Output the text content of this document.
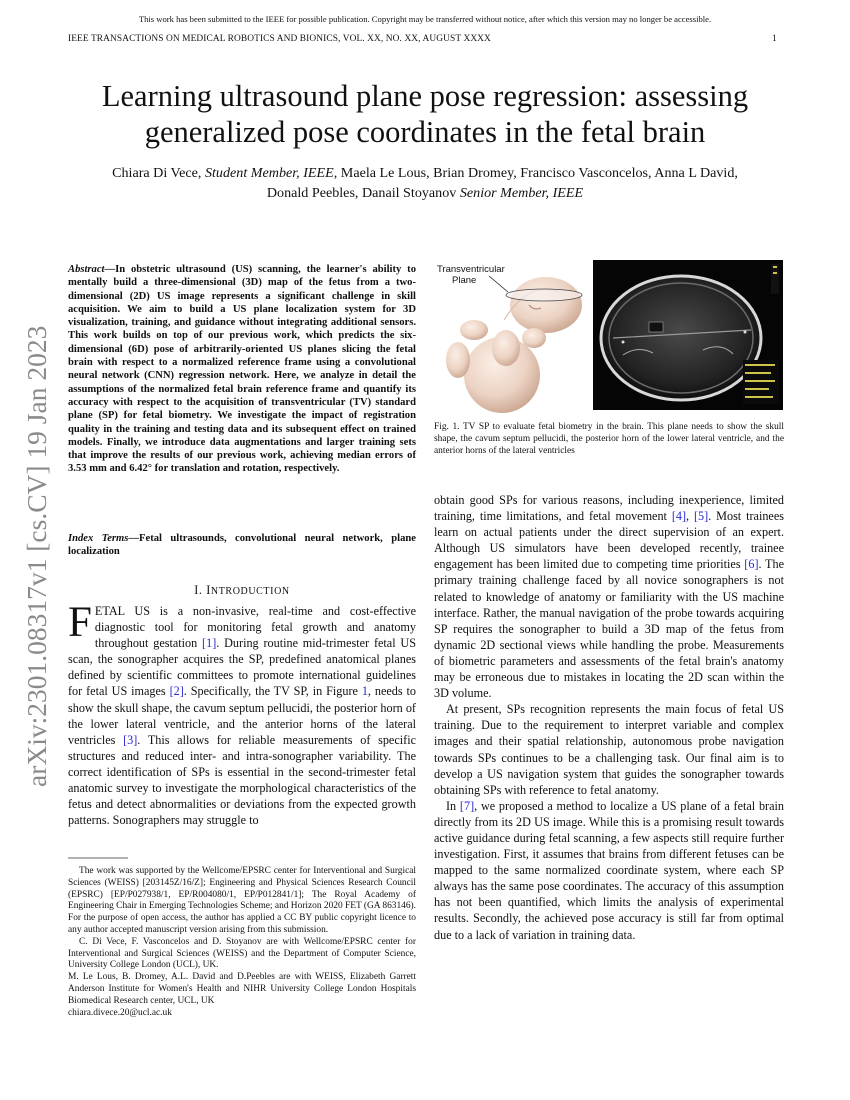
This work has been submitted to the IEEE for possible publication. Copyright may be transferred without notice, after which this version may no longer be accessible.
IEEE TRANSACTIONS ON MEDICAL ROBOTICS AND BIONICS, VOL. XX, NO. XX, AUGUST XXXX	1
Learning ultrasound plane pose regression: assessing
generalized pose coordinates in the fetal brain
Chiara Di Vece, Student Member, IEEE, Maela Le Lous, Brian Dromey, Francisco Vasconcelos, Anna L David,
Donald Peebles, Danail Stoyanov Senior Member, IEEE
arXiv:2301.08317v1 [cs.CV] 19 Jan 2023
Abstract—In obstetric ultrasound (US) scanning, the learner's ability to mentally build a three-dimensional (3D) map of the fetus from a two-dimensional (2D) US image represents a significant challenge in skill acquisition. We aim to build a US plane localization system for 3D visualization, training, and guidance without integrating additional sensors. This work builds on top of our previous work, which predicts the six-dimensional (6D) pose of arbitrarily-oriented US planes slicing the fetal brain with respect to a normalized reference frame using a convolutional neural network (CNN) regression network. Here, we analyze in detail the assumptions of the normalized fetal brain reference frame and quantify its accuracy with respect to the acquisition of transventricular (TV) standard plane (SP) for fetal biometry. We investigate the impact of registration quality in the training and testing data and its subsequent effect on trained models. Finally, we introduce data augmentations and larger training sets that improve the results of our previous work, achieving median errors of 3.53 mm and 6.42° for translation and rotation, respectively.
Index Terms—Fetal ultrasounds, convolutional neural network, plane localization
I. INTRODUCTION
FETAL US is a non-invasive, real-time and cost-effective diagnostic tool for monitoring fetal growth and anatomy throughout gestation [1]. During routine mid-trimester fetal US scan, the sonographer acquires the SP, predefined anatomical planes defined by scientific committees to promote international guidelines for fetal US images [2]. Specifically, the TV SP, in Figure 1, needs to show the skull shape, the cavum septum pellucidi, the posterior horn of the lower lateral ventricle, and the anterior horns of the lateral ventricles [3]. This allows for reliable measurements of specific structures and reduced inter- and intra-sonographer variability. The correct identification of SPs is essential in the second-trimester fetal anatomic survey to investigate the morphological characteristics of the fetus and detect abnormalities or deviations from the expected growth patterns. Sonographers may struggle to

The work was supported by the Wellcome/EPSRC center for Interventional and Surgical Sciences (WEISS) [203145Z/16/Z]; Engineering and Physical Sciences Research Council (EPSRC) [EP/P027938/1, EP/R004080/1, EP/P012841/1]; The Royal Academy of Engineering Chair in Emerging Technologies Scheme; and Horizon 2020 FET (GA 863146). For the purpose of open access, the author has applied a CC BY public copyright licence to any author accepted manuscript version arising from this submission.

C. Di Vece, F. Vasconcelos and D. Stoyanov are with Wellcome/EPSRC center for Interventional and Surgical Sciences (WEISS) and the Department of Computer Science, University College London (UCL), UK.

M. Le Lous, B. Dromey, A.L. David and D.Peebles are with WEISS, Elizabeth Garrett Anderson Institute for Women's Health and NIHR University College London Hospitals Biomedical Research center, UCL, UK

chiara.divece.20@ucl.ac.uk

Transventricular
Plane
Fig. 1. TV SP to evaluate fetal biometry in the brain. This plane needs to show the skull shape, the cavum septum pellucidi, the posterior horn of the lower lateral ventricle, and the anterior horns of the lateral ventricles

obtain good SPs for various reasons, including inexperience, limited training, time limitations, and fetal movement [4], [5]. Most trainees learn on actual patients under the direct supervision of an expert. Although US simulators have been developed recently, trainee engagement has been limited due to competing time priorities [6]. The primary training challenge faced by all novice sonographers is not related to knowledge of anatomy or familiarity with the US machine interface. Rather, the manual navigation of the probe towards acquiring SP requires the sonographer to build a 3D map of the fetus from dynamic 2D sectional views while handling the probe. Measurements of biometric parameters and assessments of the fetal brain's anatomy may be erroneous due to mistakes in locating the 2D scan within the 3D volume.

At present, SPs recognition represents the main focus of fetal US training. Due to the requirement to interpret variable and complex images and their spatial relationship, autonomous probe navigation towards SPs continues to be a challenging task. Our final aim is to develop a US navigation system that guides the sonographer towards obtaining SPs with reference to fetal anatomy.

In [7], we proposed a method to localize a US plane of a fetal brain directly from its 2D US image. While this is a promising result towards active guidance during fetal scanning, a few aspects still require further investigation. First, it assumes that brains from different fetuses can be mapped to the same normalized coordinate system, where each SP always has the same pose coordinates. The accuracy of this assumption has not been quantified, which limits the analysis of experimental results. Secondly, the achieved pose accuracy is still far from optimal due to a lack of variation in training data.
